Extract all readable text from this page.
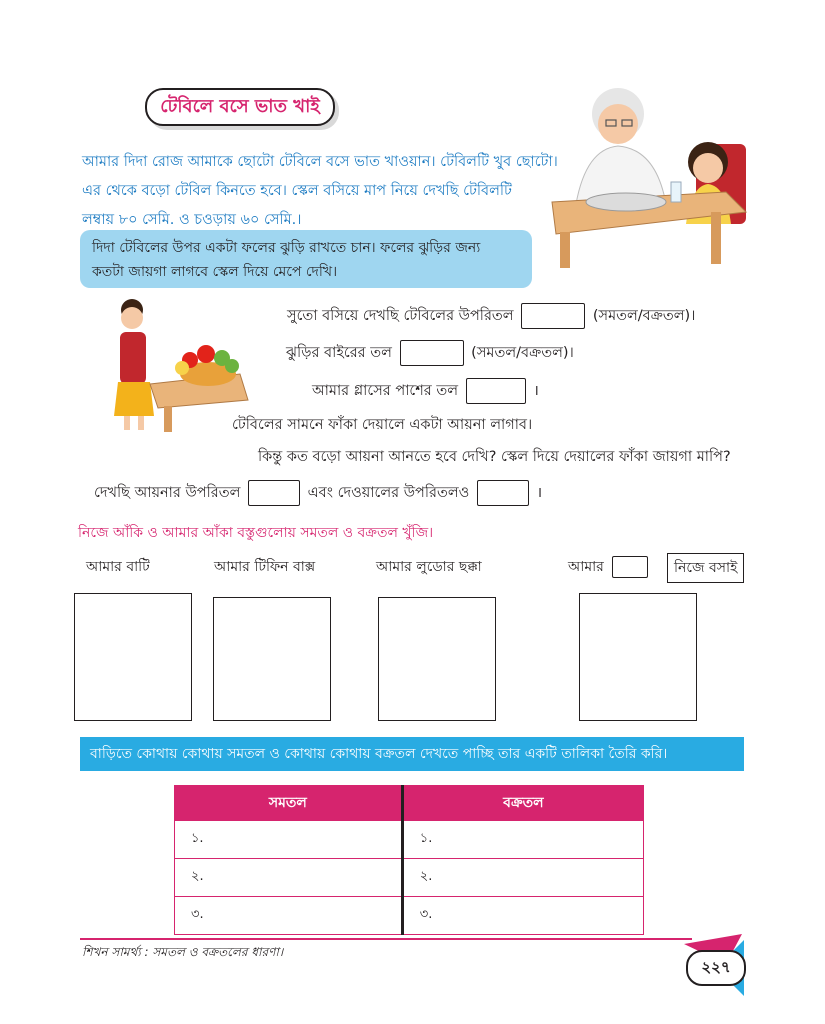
টেবিলে বসে ভাত খাই
আমার দিদা রোজ আমাকে ছোটো টেবিলে বসে ভাত খাওয়ান। টেবিলটি খুব ছোটো।
এর থেকে বড়ো টেবিল কিনতে হবে। স্কেল বসিয়ে মাপ নিয়ে দেখছি টেবিলটি
লম্বায় ৮০ সেমি. ও চওড়ায় ৬০ সেমি.।
দিদা টেবিলের উপর একটা ফলের ঝুড়ি রাখতে চান। ফলের ঝুড়ির জন্য
কতটা জায়গা লাগবে স্কেল দিয়ে মেপে দেখি।
সুতো বসিয়ে দেখছি টেবিলের উপরিতল	(সমতল/বক্রতল)।
ঝুড়ির বাইরের তল	(সমতল/বক্রতল)।
আমার গ্লাসের পাশের তল	।
টেবিলের সামনে ফাঁকা দেয়ালে একটা আয়না লাগাব।
কিন্তু কত বড়ো আয়না আনতে হবে দেখি? স্কেল দিয়ে দেয়ালের ফাঁকা জায়গা মাপি?
দেখছি আয়নার উপরিতল	এবং দেওয়ালের উপরিতলও	।
নিজে আঁকি ও আমার আঁকা বস্তুগুলোয় সমতল ও বক্রতল খুঁজি।
আমার বাটি	আমার টিফিন বাক্স	আমার লুডোর ছক্কা	আমার	নিজে বসাই
বাড়িতে কোথায় কোথায় সমতল ও কোথায় কোথায় বক্রতল দেখতে পাচ্ছি তার একটি তালিকা তৈরি করি।
সমতল	বক্রতল
১.	১.
২.	২.
৩.	৩.
শিখন সামর্থ্য : সমতল ও বক্রতলের ধারণা।
২২৭
